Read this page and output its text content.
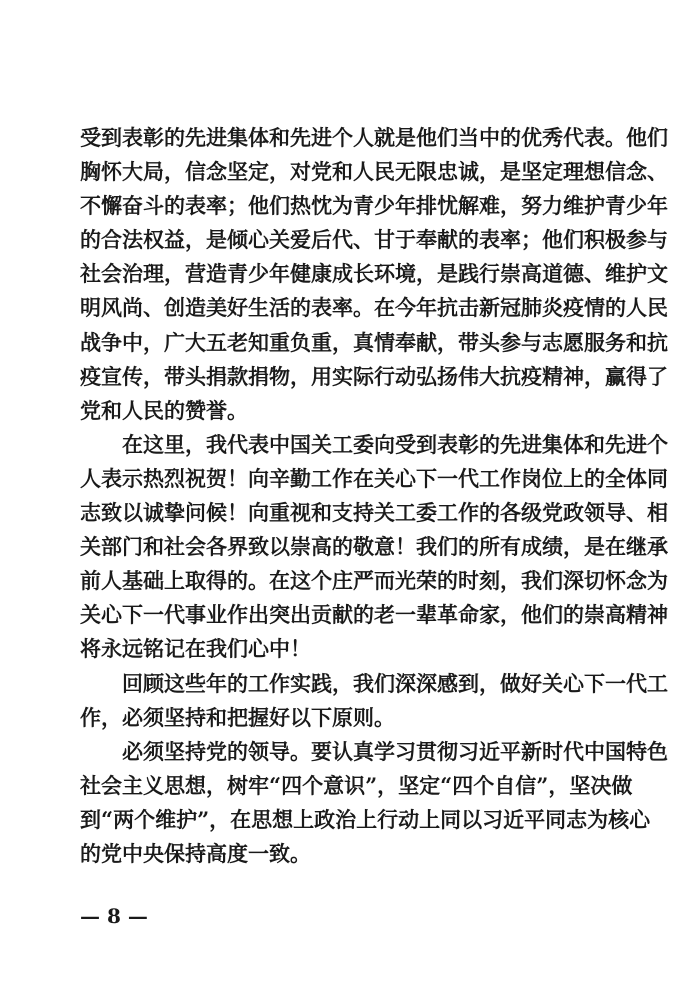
受到表彰的先进集体和先进个人就是他们当中的优秀代表。他们
胸怀大局，信念坚定，对党和人民无限忠诚，是坚定理想信念、
不懈奋斗的表率；他们热忱为青少年排忧解难，努力维护青少年
的合法权益，是倾心关爱后代、甘于奉献的表率；他们积极参与
社会治理，营造青少年健康成长环境，是践行崇高道德、维护文
明风尚、创造美好生活的表率。在今年抗击新冠肺炎疫情的人民
战争中，广大五老知重负重，真情奉献，带头参与志愿服务和抗
疫宣传，带头捐款捐物，用实际行动弘扬伟大抗疫精神，赢得了
党和人民的赞誉。
在这里，我代表中国关工委向受到表彰的先进集体和先进个
人表示热烈祝贺！向辛勤工作在关心下一代工作岗位上的全体同
志致以诚挚问候！向重视和支持关工委工作的各级党政领导、相
关部门和社会各界致以崇高的敬意！我们的所有成绩，是在继承
前人基础上取得的。在这个庄严而光荣的时刻，我们深切怀念为
关心下一代事业作出突出贡献的老一辈革命家，他们的崇高精神
将永远铭记在我们心中！
回顾这些年的工作实践，我们深深感到，做好关心下一代工
作，必须坚持和把握好以下原则。
必须坚持党的领导。要认真学习贯彻习近平新时代中国特色
社会主义思想，树牢“四个意识”，坚定“四个自信”，坚决做
到“两个维护”，在思想上政治上行动上同以习近平同志为核心
的党中央保持高度一致。
— 8 —
